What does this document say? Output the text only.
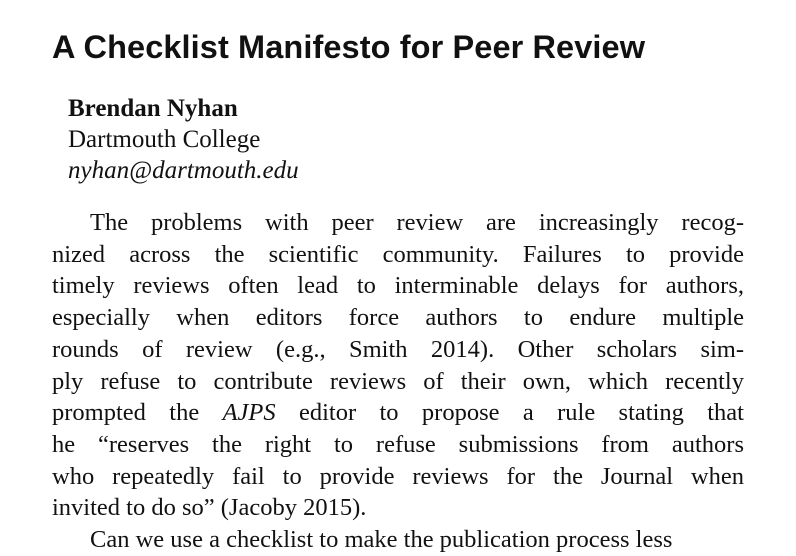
A Checklist Manifesto for Peer Review
Brendan Nyhan
Dartmouth College
nyhan@dartmouth.edu
The problems with peer review are increasingly recog-
nized across the scientific community. Failures to provide
timely reviews often lead to interminable delays for authors,
especially when editors force authors to endure multiple
rounds of review (e.g., Smith 2014). Other scholars sim-
ply refuse to contribute reviews of their own, which recently
prompted the AJPS editor to propose a rule stating that
he “reserves the right to refuse submissions from authors
who repeatedly fail to provide reviews for the Journal when
invited to do so” (Jacoby 2015).
Can we use a checklist to make the publication process less
